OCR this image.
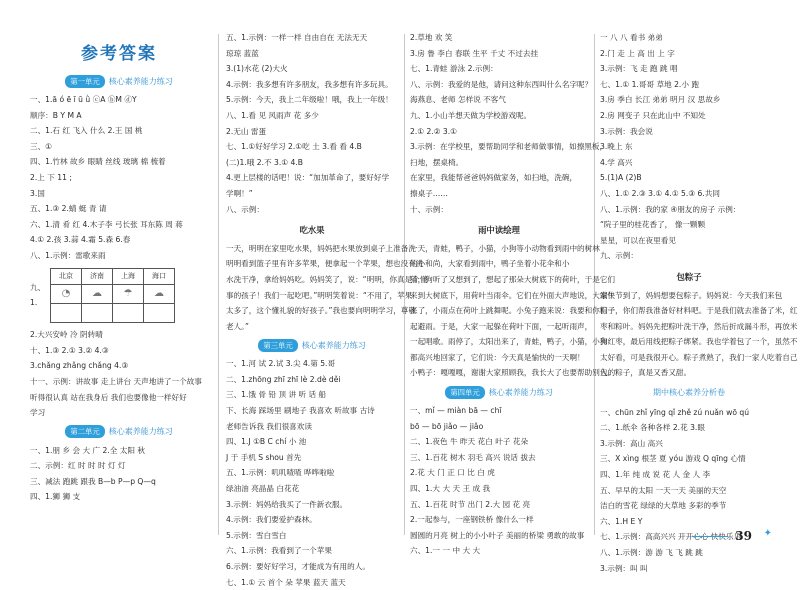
参考答案
第一单元	核心素养能力练习
一、1.ā ó ē ī ū ǜ ⓒA ⓑM ⓓY
顺序：B Y M A
二、1.石 红 飞入 什么 2.王 国 桃
三、①
四、1.竹林 故乡 眼睛 丝线 玻璃 棉 梳着
2.上 下 11 ;
3.国
五、1.③ 2.蜻 蜓 青 请
六、1.清 肴 红 4.木子李 弓长张 耳东陈 周 蒋
4.① 2.孩 3.蒜 4.霜 5.森 6.春
八、1.示例：雷歌来雨
九、1.
北京	济南	上海	海口
◔	☁	☂	☁

2.大兴安岭 冷 阴转晴
十、1.③ 2.① 3.② 4.③
3.chǎng zhǎng chǎng 4.③
十一、示例：讲故事 走上讲台 天声地讲了一个故事
听得很认真 站在我身后 我们也要像他一样好好
学习
第二单元	核心素养能力练习
一、1.朋 乡 会 大 广 2.全 太阳 秋
二、示例：红 时 时 时 灯 灯
三、减法 跑跳 跟我 B—b P—p Q—q
四、1.狮 狮 支
五、1.示例：一样一样 自由自在 无法无天
琼琼 蓝蓝
3.(1)水花 (2)大火
4.示例：我多想有许多朋友，我多想有许多玩具。
5.示例：今天，我上二年级啦！哦，我上一年级！
八、1.看 见 风雨声 花 多少
2.无山 雷蛋
七、1.①好好学习 2.①吃 土 3.看 看 4.B
(二)1.哦 2.不 3.① 4.B
4.更上层楼的话吧！说：“加加革命了，要好好学
学啊！”
八、示例：
吃水果
一天，明明在家里吃水果，妈妈把水果放到桌子上准备洗
明明看到篮子里有许多苹果，便拿起一个苹果，想也没有洗
水洗干净，拿给妈妈吃。妈妈笑了，说：“明明，你真是个懂
事的孩子！我们一起吃吧。”明明笑着说：“不用了，苹果
太多了，这个懂礼貌的好孩子。”我也要向明明学习，尊敬
老人。”
第三单元	核心素养能力练习
一、1.河 试 2.试 3.尖 4.第 5.哥
二、1.zhōng zhī zhī lè 2.dè děi
三、1.饿 骨 铅 顶 讲 听 话 船
下、长海 踩场里 刷地子 我喜欢 听故事 古诗
老师告诉我 我们很喜欢读
四、1.J ①B C chí 小 池
J 于 手机 S shou 首先
五、1.示例：叽叽喳喳 哗哗啦啦
绿油油 亮晶晶 白花花
3.示例：妈妈给我买了一件新衣服。
4.示例：我们要爱护森林。
5.示例：雪白雪白
六、1.示例：我看到了一个苹果
6.示例：要好好学习，才能成为有用的人。
七、1.① 云 首个 朵 苹果 蓝天 蓝天
2.草地 欢 笑
3.房 鲁 李白 春联 生平 千丈 不过去挂
七、1.青蛙 游泳 2.示例：
八、示例：我爱的是他，请问这种东西叫什么名字呢？
海燕息、老师 怎样说 不客气
九、1.小山羊想天做为学校游戏呢。
2.① 2.② 3.①
3.示例：在学校里，要帮助同学和老师做事情，如擦黑板，
扫地，摆桌椅。
在家里，我能帮爸爸妈妈做家务，如扫地，洗碗，
擦桌子……
十、示例：
雨中读绘理
一天，青蛙，鸭子，小猫，小狗等小动物看到雨中的树林
的小和尚，大家看到雨中，鸭子坐着小花伞和小
猫，狗听了又想到了，想起了那朵大树底下的荷叶，于是它们
来到大树底下，用荷叶当雨伞。它们在外面大声地说，大家快
来了，小雨点在荷叶上跳舞呢。小兔子跑来说：我要和你们一
起避雨。于是，大家一起躲在荷叶下面，一起听雨声，
一起唱歌。雨停了，太阳出来了，青蛙，鸭子，小猫，小狗
都高兴地回家了，它们说：今天真是愉快的一天啊！
小鸭子：嘎嘎嘎，谢谢大家照顾我，我长大了也要帮助别人。
第四单元	核心素养能力练习
一、mǐ — miàn bā — chī
bō — bō jiǎo — jiǎo
二、1.夜色 牛 昨天 花白 叶子 花朵
三、1.百花 树木 羽毛 高兴 说话 拔去
2.花 大 门 正 口 比 白 虎
四、1.大 大 天 王 成 我
五、1.百花 时节 出门 2.大 园 花 亮
2.一起参与，一座钢铁桥 像什么一样
圆圆的月亮 树上的小小叶子 美丽的桥梁 勇敢的故事
六、1.一 一 中 大 大
一 八 八 看书 弟弟
2.门 走 上 高 出 上 字
3.示例：飞 走 跑 跳 唱
七、1.① 1.哥哥 草地 2.小 跑
3.房 季白 长江 弟弟 明月 汉 思故乡
2.房 网变子 只在此山中 不知处
3.示例：我会说
3.晚上 东
4.学 高兴
5.(1)A (2)B
八、1.① 2.③ 3.① 4.① 5.③ 6.共同
八、1.示例：我的家 ④朋友的房子 示例：
“院子里的桂花香了， 像一颗颗
星星，可以在夜里看见
九、示例：
包粽子
端午节到了，妈妈想要包粽子。妈妈说：今天我们来包
粽子，你们帮我准备好材料吧。于是我们就去准备了米，红
枣和粽叶。妈妈先把粽叶洗干净，然后折成漏斗形，再放米
和红枣，最后用线把粽子绑紧。我也学着包了一个，虽然不
太好看，可是我很开心。粽子煮熟了，我们一家人吃着自己
包的粽子，真是又香又甜。
期中核心素养分析卷
一、chūn zhǐ yīng qǐ zhě zú nuǎn wō qú
二、1.纸伞 各种各样 2.花 3.眼
3.示例：高山 高兴
三、X xìng 根茎 夏 yóu 游戏 Q qīng 心情
四、1.年 纯 成 说 花 人 金 人 李
五、早早的太阳 一天一天 美丽的天空
洁白的雪花 绿绿的大草地 多彩的季节
六、1.H E Y
七、1.示例：高高兴兴 开开心心 快快乐乐
八、1.示例：游 游 飞 飞 跳 跳
3.示例：叫 叫
39 ✦
